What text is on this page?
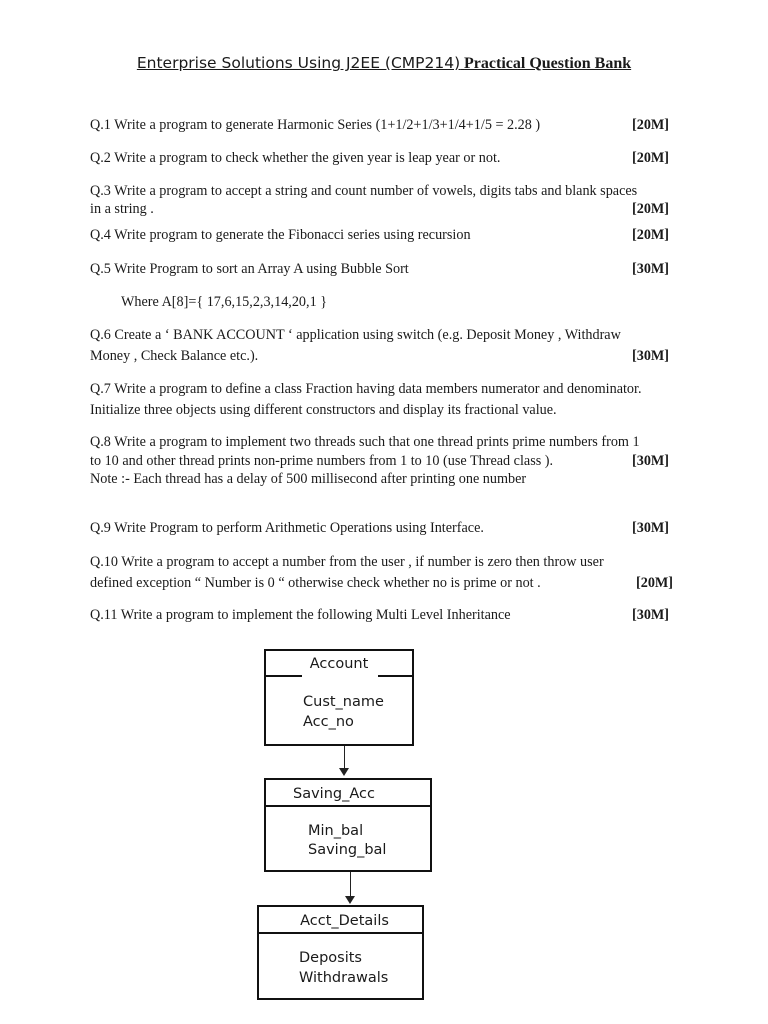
Enterprise Solutions Using J2EE (CMP214) Practical Question Bank
Q.1 Write a program to generate Harmonic Series (1+1/2+1/3+1/4+1/5 = 2.28 )	[20M]
Q.2 Write a program to check whether the given year is leap year or not.	[20M]
Q.3 Write a program to accept a string and count number of vowels, digits tabs and blank spaces
in a string .	[20M]
Q.4 Write program to generate the Fibonacci series using recursion	[20M]
Q.5 Write Program to sort an Array A using Bubble Sort	[30M]
Where A[8]={ 17,6,15,2,3,14,20,1 }
Q.6 Create a ‘ BANK ACCOUNT ‘ application using switch (e.g. Deposit Money , Withdraw
Money , Check Balance etc.).	[30M]
Q.7 Write a program to define a class Fraction having data members numerator and denominator.
Initialize three objects using different constructors and display its fractional value.
Q.8 Write a program to implement two threads such that one thread prints prime numbers from 1
to 10 and other thread prints non-prime numbers from 1 to 10 (use Thread class ).	[30M]
Note :- Each thread has a delay of 500 millisecond after printing one number
Q.9 Write Program to perform Arithmetic Operations using Interface.	[30M]
Q.10 Write a program to accept a number from the user , if number is zero then throw user
defined exception “ Number is 0 “ otherwise check whether no is prime or not .	[20M]
Q.11 Write a program to implement the following Multi Level Inheritance	[30M]
Account
Cust_name
Acc_no
Saving_Acc
Min_bal
Saving_bal
Acct_Details
Deposits
Withdrawals
